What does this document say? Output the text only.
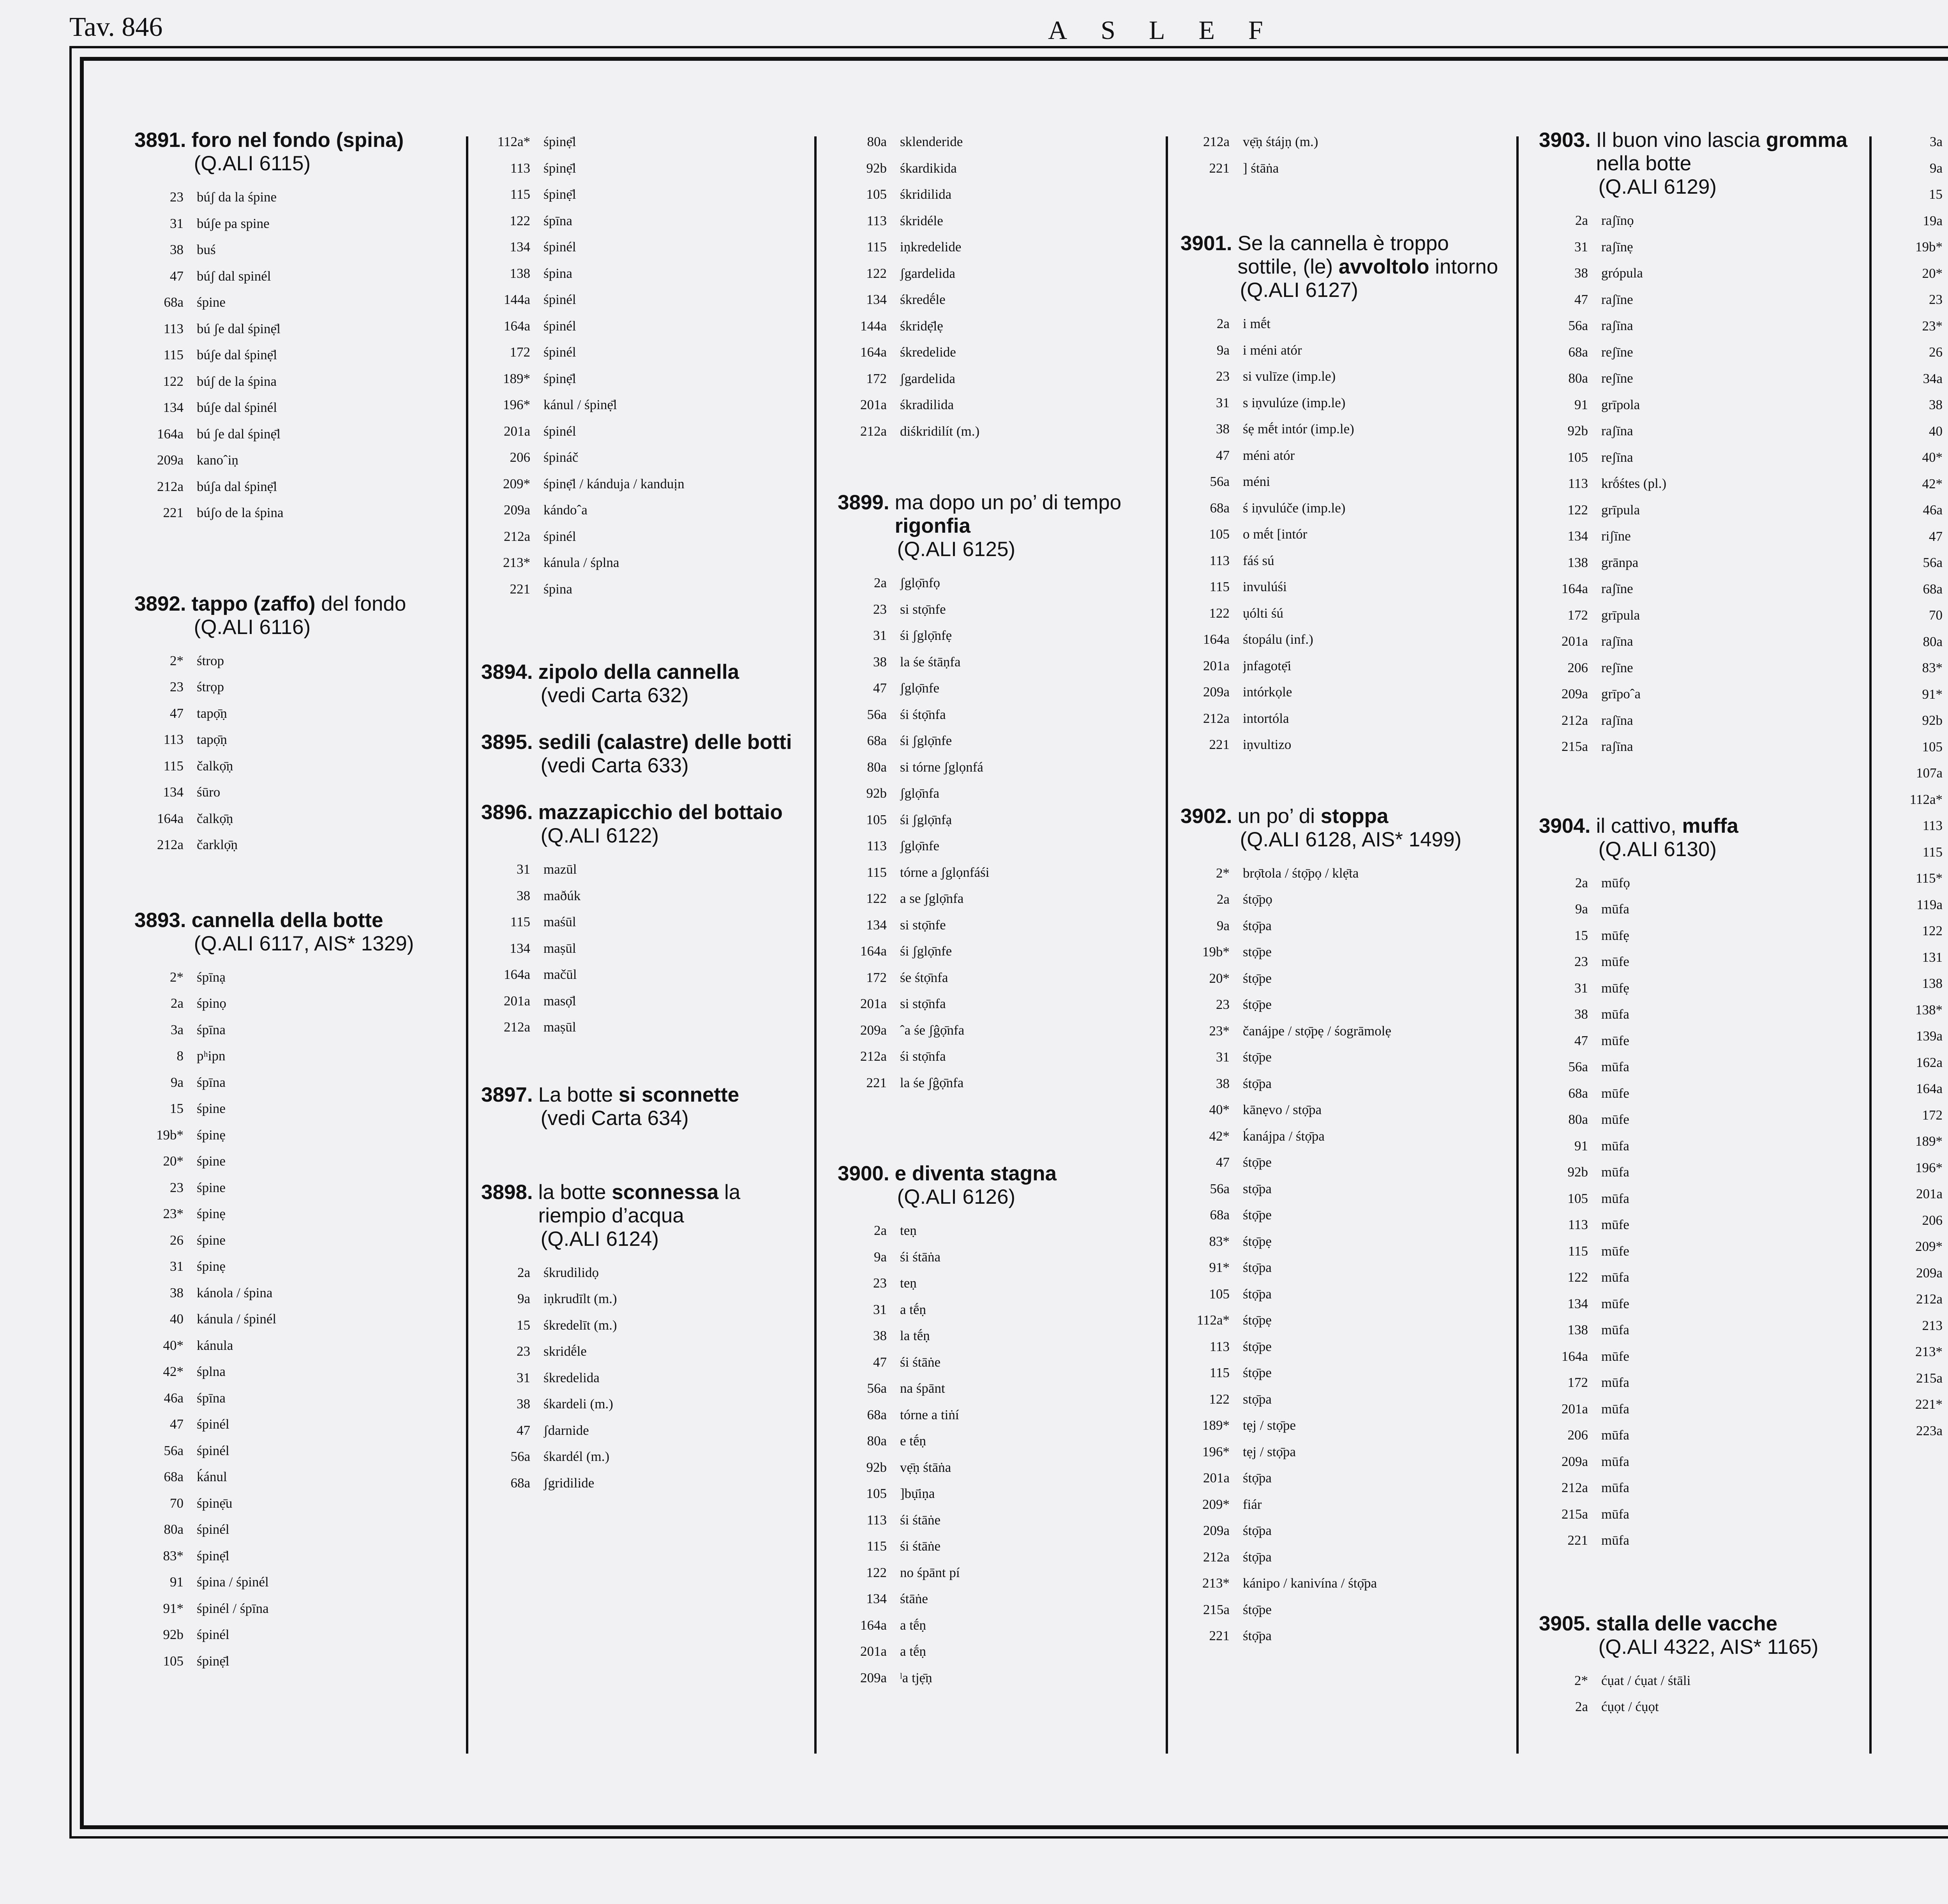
Tav. 846	ASLEF
3891. foro nel fondo (spina)
(Q.ALI 6115)
23 búʃ da la śpine
31 búʃe pa spine
38 buś
47 búʃ dal spinél
68a śpine
113 bú ʃe dal śpinẹ̄l
115 búʃe dal śpinẹ̄l
122 búʃ de la śpina
134 búʃe dal śpinél
164a bú ʃe dal śpinẹ̄l
209a kanoˆiṇ
212a búʃa dal śpinẹ̄l
221 búʃo de la śpina
3892. tappo (zaffo) del fondo
(Q.ALI 6116)
2* śtrop
23 śtrọp
47 tapọ̄ṇ
113 tapọ̄ṇ
115 čalkọ̄ṇ
134 śūro
164a čalkọ̄ṇ
212a čarklọ̄ṇ
3893. cannella della botte
(Q.ALI 6117, AIS* 1329)
2* śpīnạ
2a śpinọ
3a śpīna
8 pʰipn
9a śpīna
15 śpine
19b* śpinẹ
20* śpine
23 śpine
23* śpinẹ
26 śpine
31 śpinẹ
38 kánola / śpina
40 kánula / śpinél
40* kánula
42* śplna
46a śpīna
47 śpinél
56a śpinél
68a ḱánul
70 śpinẹ̄u
80a śpinél
83* śpinẹ̄l
91 śpina / śpinél
91* śpinél / śpīna
92b śpinél
105 śpinẹ̄l
112a* śpinẹ̄l
113 śpinẹ̄l
115 śpinẹ̄l
122 śpīna
134 śpinél
138 śpina
144a śpinél
164a śpinél
172 śpinél
189* śpinẹ̄l
196* kánul / śpinẹ̄l
201a śpinél
206 śpináč
209* śpinẹ̄l / kánduja / kanduịn
209a kándoˆa
212a śpinél
213* kánula / śplna
221 śpina
3894. zipolo della cannella
(vedi Carta 632)
3895. sedili (calastre) delle botti
(vedi Carta 633)
3896. mazzapicchio del bottaio
(Q.ALI 6122)
31 mazūl
38 maðúk
115 maśūl
134 maṣūl
164a mačūl
201a masọ̄l
212a maṣūl
3897. La botte si sconnette
(vedi Carta 634)
3898. la botte sconnessa la riempio d’acqua
(Q.ALI 6124)
2a śkrudilidọ
9a iṇkrudīlt (m.)
15 śkredelīt (m.)
23 skridḗle
31 śkredelida
38 śkardeli (m.)
47 ʃdarnide
56a śkardél (m.)
68a ʃgridilide
80a sklenderide
92b śkardikida
105 śkridilida
113 śkridéle
115 iṇkredelide
122 ʃgardelida
134 śkredḗle
144a śkridẹ̄lẹ
164a śkredelide
172 ʃgardelida
201a śkradilida
212a diśkridilít (m.)
3899. ma dopo un po’ di tempo rigonfia
(Q.ALI 6125)
2a ʃglọ̄nfọ
23 si stọ̄nfe
31 śi ʃglọ̄nfẹ
38 la śe śtāṇfa
47 ʃglọ̄nfe
56a śi śtọ̄nfa
68a śi ʃglọ̄nfe
80a si tórne ʃglọnfá
92b ʃglọ̄nfa
105 śi ʃglọ̄nfạ
113 ʃglọ̄nfe
115 tórne a ʃglọnfáśi
122 a se ʃglọ̄nfa
134 si stọ̄nfe
164a śi ʃglọ̄nfe
172 śe śtọ̄nfa
201a si stọ̄nfa
209a ˆa śe ʃĝọ̄nfa
212a śi stọ̄nfa
221 la śe ʃĝọ̄nfa
3900. e diventa stagna
(Q.ALI 6126)
2a teṇ
9a śi śtāṅa
23 teṇ
31 a tḗṇ
38 la tḗṇ
47 śi śtāṅe
56a na śpānt
68a tórne a tiṅí
80a e tḗṇ
92b vẹ̄ṇ śtāṅa
105 ]bụ̄iṇa
113 śi śtāṅe
115 śi śtāṅe
122 no śpānt pí
134 śtāṅe
164a a tḗṇ
201a a tḗṇ
209a ˡa tjẹ̄ṇ
212a vẹ̄ṇ śtájṇ (m.)
221 ] śtāṅa
3901. Se la cannella è troppo sottile, (le) avvoltolo intorno
(Q.ALI 6127)
2a i mḗt
9a i méni atór
23 si vulīze (imp.le)
31 s iṇvulúze (imp.le)
38 śẹ mḗt intór (imp.le)
47 méni atór
56a méni
68a ś iṇvulúče (imp.le)
105 o mḗt [intór
113 fáś sú
115 invulúśi
122 ụólti śú
164a śtopálu (inf.)
201a jnfagotẹ̄i
209a intórkọle
212a intortóla
221 iṇvultizo
3902. un po’ di stoppa
(Q.ALI 6128, AIS* 1499)
2* brọ̄tola / śtọ̄pọ / klẹ̄ta
2a śtọ̄pọ
9a śtọ̄pa
19b* stọ̄pe
20* śtọ̄pe
23 śtọ̄pe
23* čanájpe / stọ̄pẹ / śogrāmolẹ
31 śtọ̄pe
38 śtọ̄pa
40* kānẹvo / stọ̄pa
42* ḱanájpa / śtọ̄pa
47 śtọ̄pe
56a stọ̄pa
68a śtọ̄pe
83* śtọ̄pẹ
91* śtọ̄pa
105 śtọ̄pa
112a* śtọ̄pẹ
113 śtọ̄pe
115 śtọ̄pe
122 stọ̄pa
189* tẹj / stọ̄pe
196* tẹj / stọ̄pa
201a śtọ̄pa
209* fiár
209a śtọ̄pa
212a śtọ̄pa
213* kánipo / kanivína / śtọ̄pa
215a śtọ̄pe
221 śtọ̄pa
3903. Il buon vino lascia gromma nella botte
(Q.ALI 6129)
2a raʃīnọ
31 raʃīnẹ
38 grópula
47 raʃīne
56a raʃīna
68a reʃīne
80a reʃīne
91 grīpola
92b raʃīna
105 reʃīna
113 krṓśtes (pl.)
122 grīpula
134 riʃīne
138 grānpa
164a raʃīne
172 grīpula
201a raʃīna
206 reʃīne
209a grīpoˆa
212a raʃīna
215a raʃīna
3904. il cattivo, muffa
(Q.ALI 6130)
2a mūfọ
9a mūfa
15 mūfẹ
23 mūfe
31 mūfẹ
38 mūfa
47 mūfe
56a mūfa
68a mūfe
80a mūfe
91 mūfa
92b mūfa
105 mūfa
113 mūfe
115 mūfe
122 mūfa
134 mūfe
138 mūfa
164a mūfe
172 mūfa
201a mūfa
206 mūfa
209a mūfa
212a mūfa
215a mūfa
221 mūfa
3905. stalla delle vacche
(Q.ALI 4322, AIS* 1165)
2* ćụat / ćụat / śtāli
2a ćụọt / ćụọt
3a
9a
15
19a
19b*
20*
23
23*
26
34a
38
40
40*
42*
46a
47
56a
68a
70
80a
83*
91*
92b
105
107a
112a*
113
115
115*
119a
122
131
138
138*
139a
162a
164a
172
189*
196*
201a
206
209*
209a
212a
213
213*
215a
221*
223a
